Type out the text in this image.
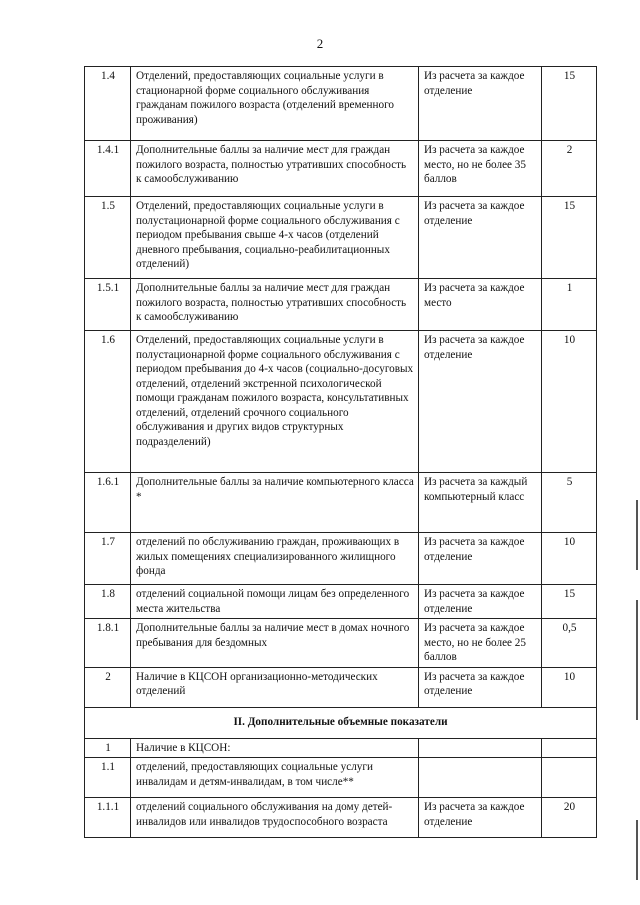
2
1.4	Отделений, предоставляющих социальные услуги в стационарной форме социального обслуживания гражданам пожилого возраста (отделений временного проживания)	Из расчета за каждое отделение	15
1.4.1	Дополнительные баллы за наличие мест для граждан пожилого возраста, полностью утративших способность к самообслуживанию	Из расчета за каждое место, но не более 35 баллов	2
1.5	Отделений, предоставляющих социальные услуги в полустационарной форме социального обслуживания с периодом пребывания свыше 4-х часов (отделений дневного пребывания, социально-реабилитационных отделений)	Из расчета за каждое отделение	15
1.5.1	Дополнительные баллы за наличие мест для граждан пожилого возраста, полностью утративших способность к самообслуживанию	Из расчета за каждое место	1
1.6	Отделений, предоставляющих социальные услуги в полустационарной форме социального обслуживания с периодом пребывания до 4-х часов (социально-досуговых отделений, отделений экстренной психологической помощи гражданам пожилого возраста, консультативных отделений, отделений срочного социального обслуживания и других видов структурных подразделений)	Из расчета за каждое отделение	10
1.6.1	Дополнительные баллы за наличие компьютерного класса *	Из расчета за каждый компьютерный класс	5
1.7	отделений по обслуживанию граждан, проживающих в жилых помещениях специализированного жилищного фонда	Из расчета за каждое отделение	10
1.8	отделений социальной помощи лицам без определенного места жительства	Из расчета за каждое отделение	15
1.8.1	Дополнительные баллы за наличие мест в домах ночного пребывания для бездомных	Из расчета за каждое место, но не более 25 баллов	0,5
2	Наличие в КЦСОН организационно-методических отделений	Из расчета за каждое отделение	10
II. Дополнительные объемные показатели			
1	Наличие в КЦСОН:		
1.1	отделений, предоставляющих социальные услуги инвалидам и детям-инвалидам, в том числе**		
1.1.1	отделений социального обслуживания на дому детей-инвалидов или инвалидов трудоспособного возраста	Из расчета за каждое отделение	20
